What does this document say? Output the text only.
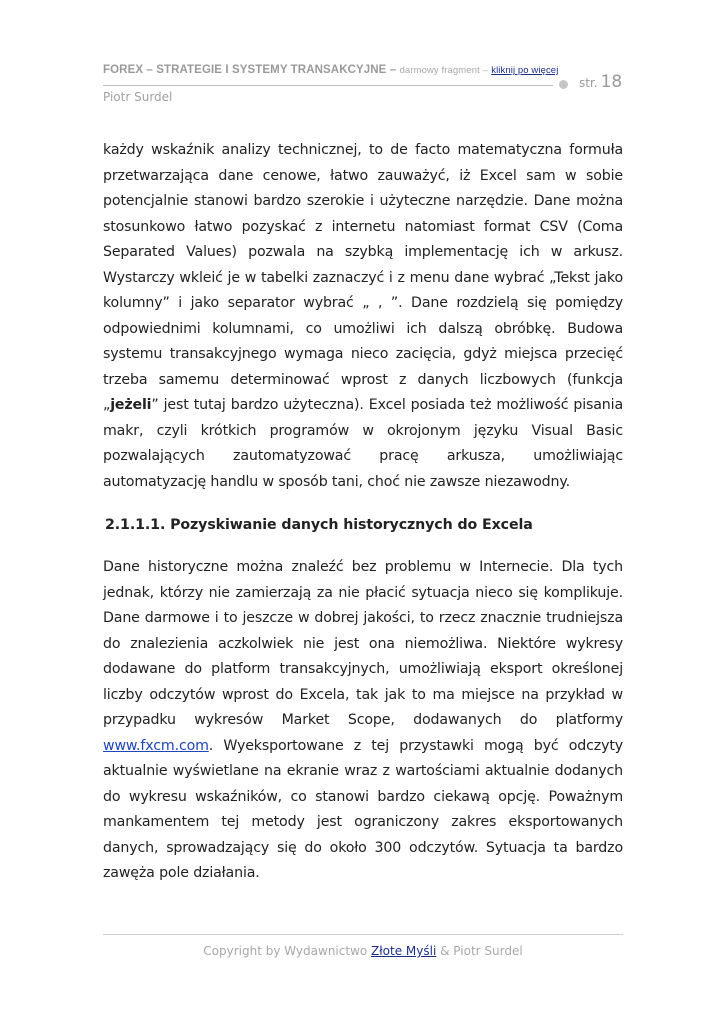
FOREX – STRATEGIE I SYSTEMY TRANSAKCYJNE – darmowy fragment – kliknij po więcej
str. 18
Piotr Surdel

każdy wskaźnik analizy technicznej, to de facto matematyczna formuła przetwarzająca dane cenowe, łatwo zauważyć, iż Excel sam w sobie potencjalnie stanowi bardzo szerokie i użyteczne narzędzie. Dane można stosunkowo łatwo pozyskać z internetu natomiast format CSV (Coma Separated Values) pozwala na szybką implementację ich w arkusz. Wystarczy wkleić je w tabelki zaznaczyć i z menu dane wybrać „Tekst jako kolumny” i jako separator wybrać „ , ”. Dane rozdzielą się pomiędzy odpowiednimi kolumnami, co umożliwi ich dalszą obróbkę. Budowa systemu transakcyjnego wymaga nieco zacięcia, gdyż miejsca przecięć trzeba samemu determinować wprost z danych liczbowych (funkcja „jeżeli” jest tutaj bardzo użyteczna). Excel posiada też możliwość pisania makr, czyli krótkich programów w okrojonym języku Visual Basic pozwalających zautomatyzować pracę arkusza, umożliwiając automatyzację handlu w sposób tani, choć nie zawsze niezawodny.

2.1.1.1. Pozyskiwanie danych historycznych do Excela

Dane historyczne można znaleźć bez problemu w Internecie. Dla tych jednak, którzy nie zamierzają za nie płacić sytuacja nieco się komplikuje. Dane darmowe i to jeszcze w dobrej jakości, to rzecz znacznie trudniejsza do znalezienia aczkolwiek nie jest ona niemożliwa. Niektóre wykresy dodawane do platform transakcyjnych, umożliwiają eksport określonej liczby odczytów wprost do Excela, tak jak to ma miejsce na przykład w przypadku wykresów Market Scope, dodawanych do platformy www.fxcm.com. Wyeksportowane z tej przystawki mogą być odczyty aktualnie wyświetlane na ekranie wraz z wartościami aktualnie dodanych do wykresu wskaźników, co stanowi bardzo ciekawą opcję. Poważnym mankamentem tej metody jest ograniczony zakres eksportowanych danych, sprowadzający się do około 300 odczytów. Sytuacja ta bardzo zawęża pole działania.

Copyright by Wydawnictwo Złote Myśli & Piotr Surdel
